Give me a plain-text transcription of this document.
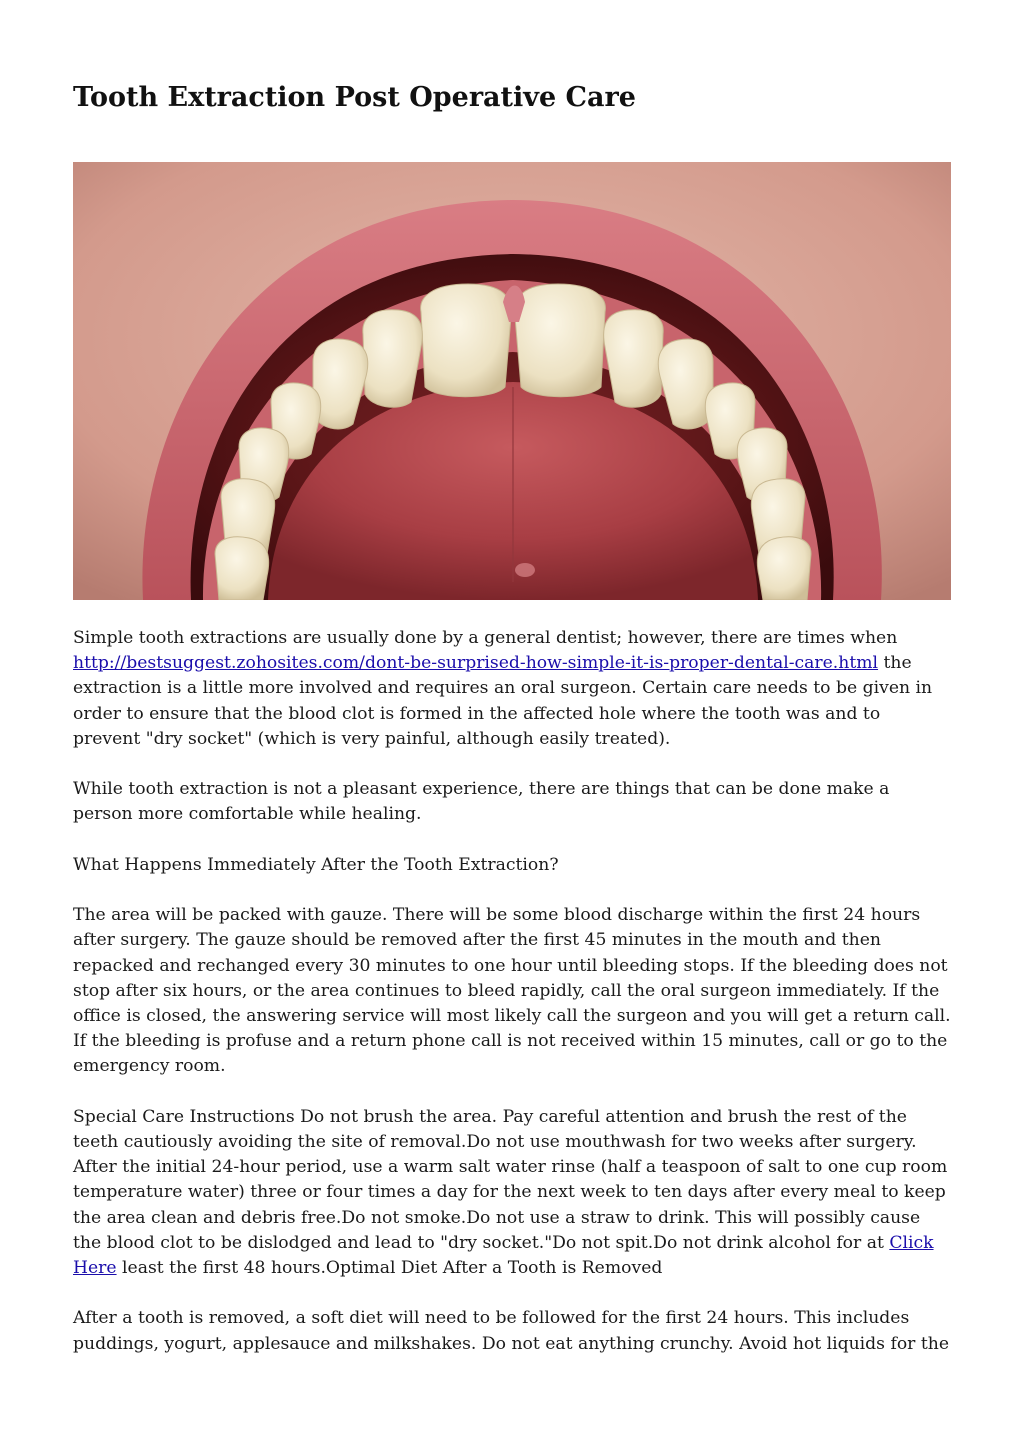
Tooth Extraction Post Operative Care

Simple tooth extractions are usually done by a general dentist; however, there are times when http://bestsuggest.zohosites.com/dont-be-surprised-how-simple-it-is-proper-dental-care.html the extraction is a little more involved and requires an oral surgeon. Certain care needs to be given in order to ensure that the blood clot is formed in the affected hole where the tooth was and to prevent "dry socket" (which is very painful, although easily treated).

While tooth extraction is not a pleasant experience, there are things that can be done make a person more comfortable while healing.

What Happens Immediately After the Tooth Extraction?

The area will be packed with gauze. There will be some blood discharge within the first 24 hours after surgery. The gauze should be removed after the first 45 minutes in the mouth and then repacked and rechanged every 30 minutes to one hour until bleeding stops. If the bleeding does not stop after six hours, or the area continues to bleed rapidly, call the oral surgeon immediately. If the office is closed, the answering service will most likely call the surgeon and you will get a return call. If the bleeding is profuse and a return phone call is not received within 15 minutes, call or go to the emergency room.

Special Care Instructions Do not brush the area. Pay careful attention and brush the rest of the teeth cautiously avoiding the site of removal.Do not use mouthwash for two weeks after surgery. After the initial 24-hour period, use a warm salt water rinse (half a teaspoon of salt to one cup room temperature water) three or four times a day for the next week to ten days after every meal to keep the area clean and debris free.Do not smoke.Do not use a straw to drink. This will possibly cause the blood clot to be dislodged and lead to "dry socket."Do not spit.Do not drink alcohol for at Click Here least the first 48 hours.Optimal Diet After a Tooth is Removed

After a tooth is removed, a soft diet will need to be followed for the first 24 hours. This includes puddings, yogurt, applesauce and milkshakes. Do not eat anything crunchy. Avoid hot liquids for the
